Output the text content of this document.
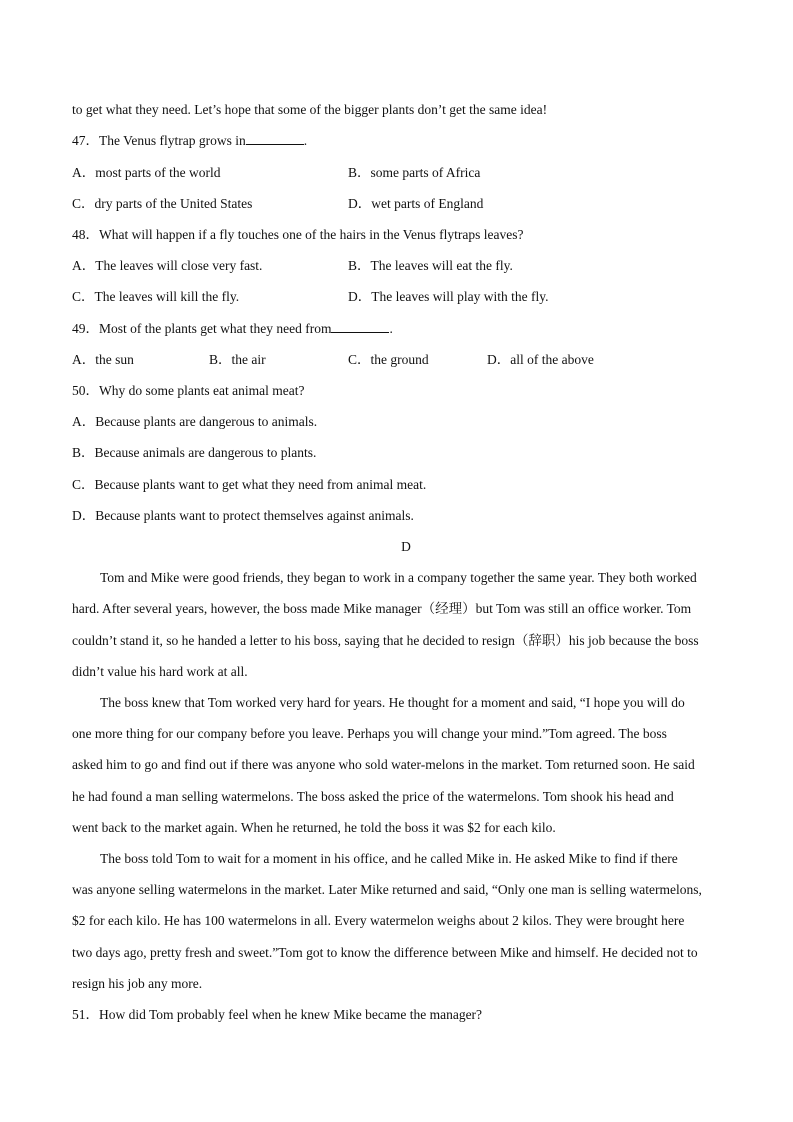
to get what they need. Let’s hope that some of the bigger plants don’t get the same idea!
47．The Venus flytrap grows in	.
A．most parts of the world	B．some parts of Africa
C．dry parts of the United States	D．wet parts of England
48．What will happen if a fly touches one of the hairs in the Venus flytraps leaves?
A．The leaves will close very fast.	B．The leaves will eat the fly.
C．The leaves will kill the fly.	D．The leaves will play with the fly.
49．Most of the plants get what they need from	.
A．the sun	B．the air	C．the ground	D．all of the above
50．Why do some plants eat animal meat?
A．Because plants are dangerous to animals.
B．Because animals are dangerous to plants.
C．Because plants want to get what they need from animal meat.
D．Because plants want to protect themselves against animals.
D
Tom and Mike were good friends, they began to work in a company together the same year. They both worked
hard. After several years, however, the boss made Mike manager（经理）but Tom was still an office worker. Tom
couldn’t stand it, so he handed a letter to his boss, saying that he decided to resign（辞职）his job because the boss
didn’t value his hard work at all.
The boss knew that Tom worked very hard for years. He thought for a moment and said, “I hope you will do
one more thing for our company before you leave. Perhaps you will change your mind.”Tom agreed. The boss
asked him to go and find out if there was anyone who sold water-melons in the market. Tom returned soon. He said
he had found a man selling watermelons. The boss asked the price of the watermelons. Tom shook his head and
went back to the market again. When he returned, he told the boss it was $2 for each kilo.
The boss told Tom to wait for a moment in his office, and he called Mike in. He asked Mike to find if there
was anyone selling watermelons in the market. Later Mike returned and said, “Only one man is selling watermelons,
$2 for each kilo. He has 100 watermelons in all. Every watermelon weighs about 2 kilos. They were brought here
two days ago, pretty fresh and sweet.”Tom got to know the difference between Mike and himself. He decided not to
resign his job any more.
51．How did Tom probably feel when he knew Mike became the manager?
